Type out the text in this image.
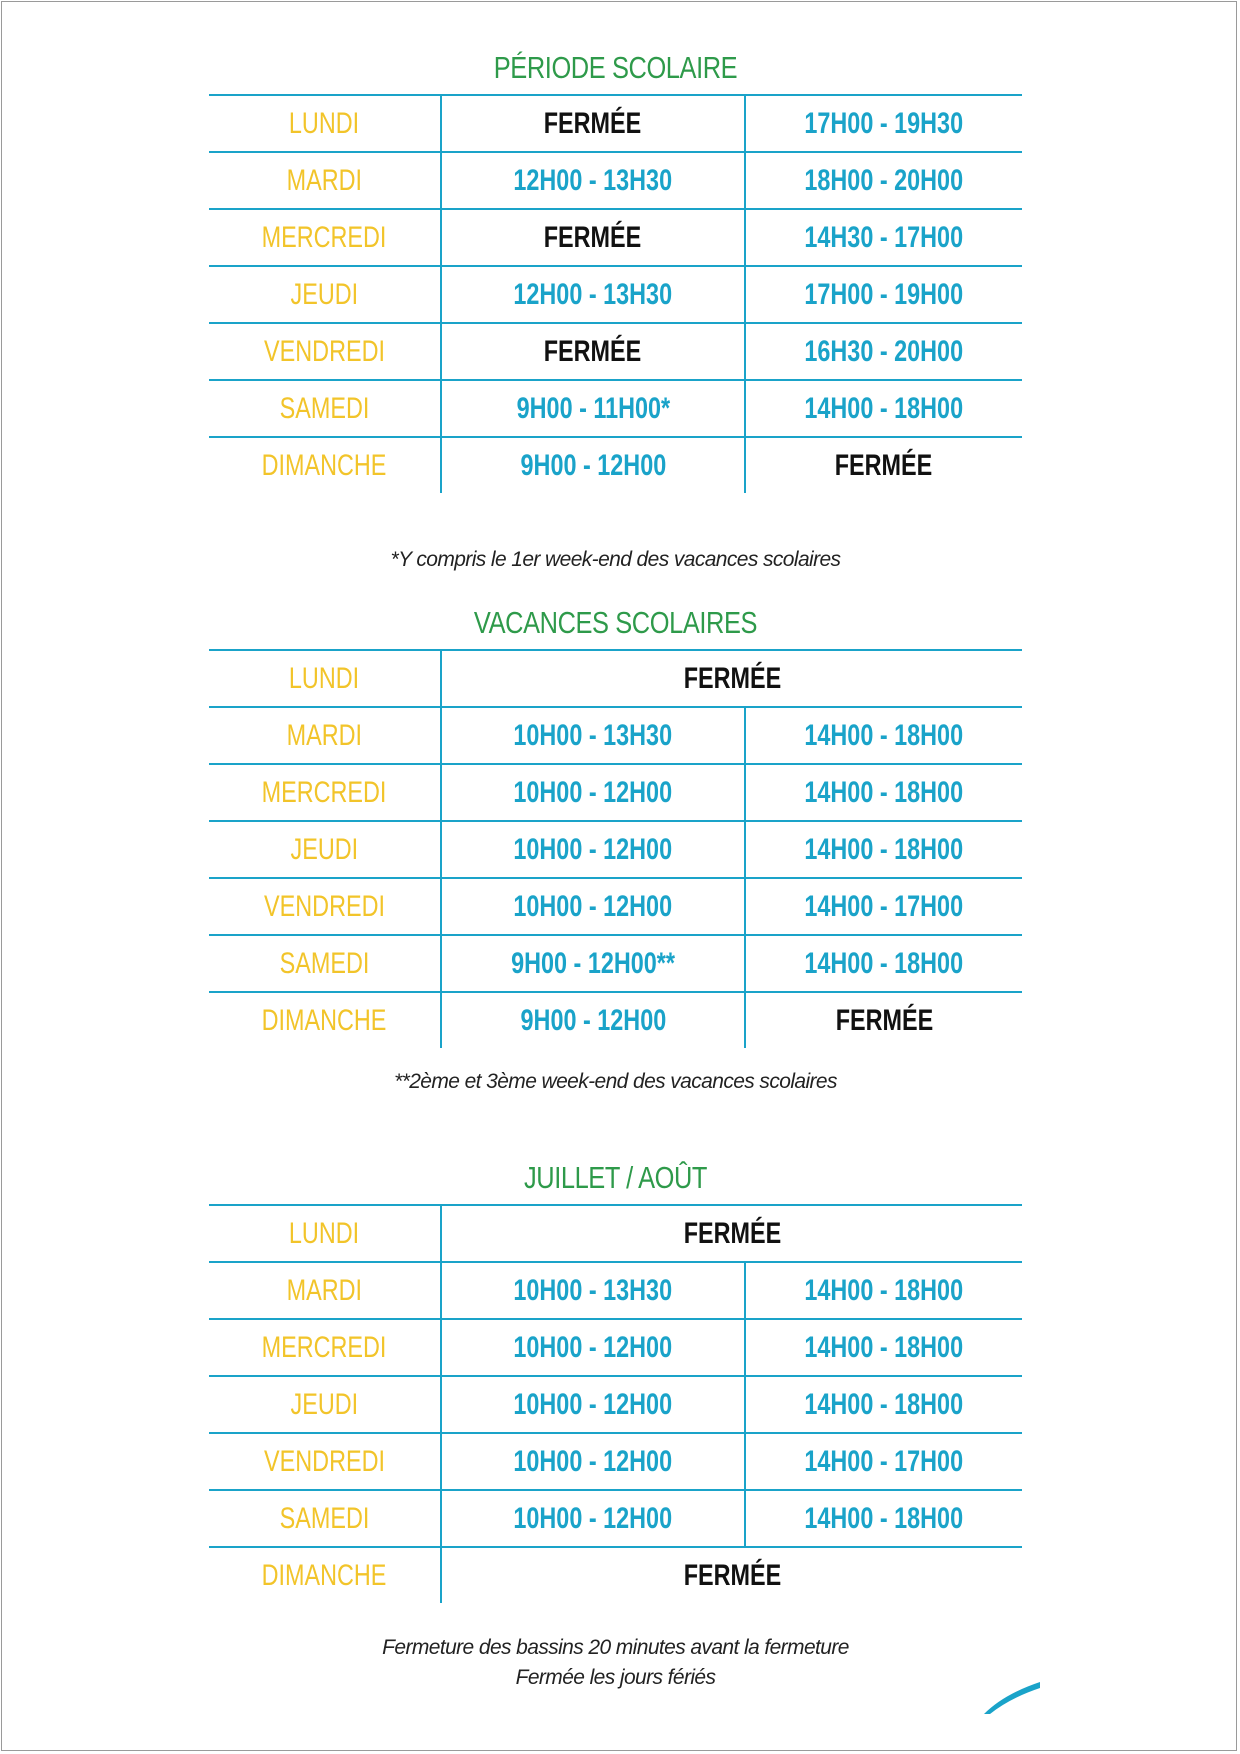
PÉRIODE SCOLAIRE
LUNDI	FERMÉE	17H00 - 19H30
MARDI	12H00 - 13H30	18H00 - 20H00
MERCREDI	FERMÉE	14H30 - 17H00
JEUDI	12H00 - 13H30	17H00 - 19H00
VENDREDI	FERMÉE	16H30 - 20H00
SAMEDI	9H00 - 11H00*	14H00 - 18H00
DIMANCHE	9H00 - 12H00	FERMÉE
*Y compris le 1er week-end des vacances scolaires
VACANCES SCOLAIRES
LUNDI	FERMÉE	
MARDI	10H00 - 13H30	14H00 - 18H00
MERCREDI	10H00 - 12H00	14H00 - 18H00
JEUDI	10H00 - 12H00	14H00 - 18H00
VENDREDI	10H00 - 12H00	14H00 - 17H00
SAMEDI	9H00 - 12H00**	14H00 - 18H00
DIMANCHE	9H00 - 12H00	FERMÉE
**2ème et 3ème week-end des vacances scolaires
JUILLET / AOÛT
LUNDI	FERMÉE	
MARDI	10H00 - 13H30	14H00 - 18H00
MERCREDI	10H00 - 12H00	14H00 - 18H00
JEUDI	10H00 - 12H00	14H00 - 18H00
VENDREDI	10H00 - 12H00	14H00 - 17H00
SAMEDI	10H00 - 12H00	14H00 - 18H00
DIMANCHE	FERMÉE	
Fermeture des bassins 20 minutes avant la fermeture
Fermée les jours fériés
